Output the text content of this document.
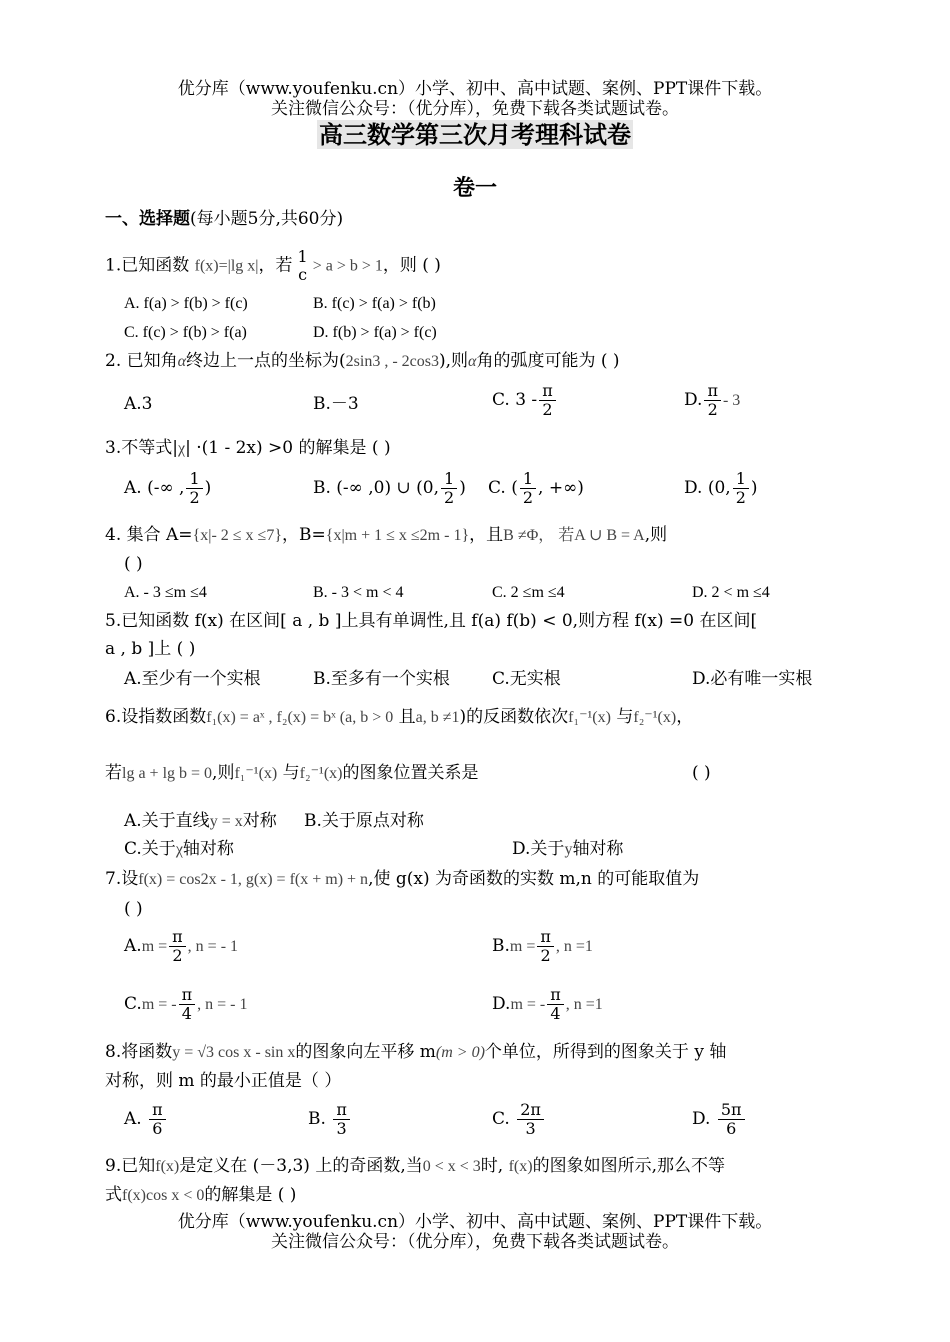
优分库（www.youfenku.cn）小学、初中、高中试题、案例、PPT课件下载。
关注微信公众号：（优分库），免费下载各类试题试卷。
高三数学第三次月考理科试卷
卷一
一、选择题(每小题5分,共60分)
1.已知函数 f(x)=|lg x|，若 1
c > a > b > 1，则 ( )
A. f(a) > f(b) > f(c)	B. f(c) > f(a) > f(b)
C. f(c) > f(b) > f(a)	D. f(b) > f(a) > f(c)
2. 已知角α终边上一点的坐标为(2sin3 , - 2cos3),则α角的弧度可能为 ( )
A.3	B.－3	C. $3 - \frac{\pi}{2}$	D. $\frac{\pi}{2} - 3$
3.不等式|χ| ·(1 - 2x) >0 的解集是 ( )
A. (-∞ , $\frac{1}{2}$ )	B. (-∞ ,0) ∪ (0, $\frac{1}{2}$ ) C. ( $\frac{1}{2}$ , +∞)	D. (0, $\frac{1}{2}$ )
4. 集合 A={x|- 2 ≤ x ≤7}，B={x|m + 1 ≤ x ≤2m - 1}，且B ≠Φ， 若A ∪ B = A,则
( )
A. - 3 ≤m ≤4	B. - 3 < m < 4	C. 2 ≤m ≤4	D. 2 < m ≤4
5.已知函数 f(x) 在区间[ a , b ]上具有单调性,且 f(a) f(b) < 0,则方程 f(x) =0 在区间[
a , b ]上 ( )
A.至少有一个实根	B.至多有一个实根 C.无实根	D.必有唯一实根
6.设指数函数f₁(x) = aˣ , f₂(x) = bˣ (a, b > 0 且a, b ≠1)的反函数依次f₁⁻¹(x) 与f₂⁻¹(x)，
若lg a + lg b = 0,则f₁⁻¹(x) 与f₂⁻¹(x)的图象位置关系是	( )
A.关于直线y = x对称 B.关于原点对称
C.关于χ轴对称	D.关于y轴对称
7.设f(x) = cos2x - 1, g(x) = f(x + m) + n,使 g(x) 为奇函数的实数 m,n 的可能取值为
( )
$A.m = \frac{\pi}{2}$ , n = - 1	$B.m = \frac{\pi}{2}$ , n =1
C.m = - $\frac{\pi}{4}$ , n = - 1	D.m = - $\frac{\pi}{4}$ , n =1
8.将函数y = √3 cos x - sin x的图象向左平移 m(m > 0)个单位，所得到的图象关于 y 轴
对称，则 m 的最小正值是（ ）
A. $\frac{\pi}{6}$	B. $\frac{\pi}{3}$	C. $\frac{2\pi}{3}$	D. $\frac{5\pi}{6}$
9.已知f(x)是定义在 (－3,3) 上的奇函数,当0 < x < 3时, f(x)的图象如图所示,那么不等
式f(x)cos x < 0的解集是 ( )
优分库（www.youfenku.cn）小学、初中、高中试题、案例、PPT课件下载。
关注微信公众号：（优分库），免费下载各类试题试卷。
